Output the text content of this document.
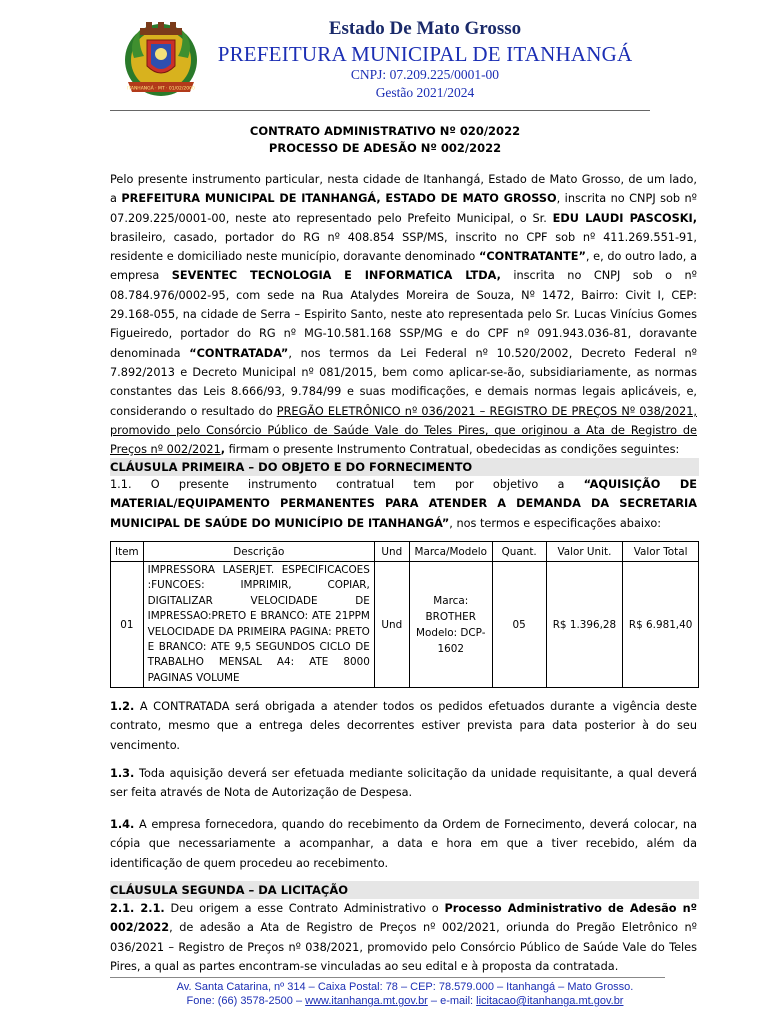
ITANHANGÁ · MT · 01/02/2000
Estado De Mato Grosso
PREFEITURA MUNICIPAL DE ITANHANGÁ
CNPJ: 07.209.225/0001-00
Gestão 2021/2024
CONTRATO ADMINISTRATIVO Nº 020/2022
PROCESSO DE ADESÃO Nº 002/2022
Pelo presente instrumento particular, nesta cidade de Itanhangá, Estado de Mato Grosso, de um lado, a PREFEITURA MUNICIPAL DE ITANHANGÁ, ESTADO DE MATO GROSSO, inscrita no CNPJ sob nº 07.209.225/0001-00, neste ato representado pelo Prefeito Municipal, o Sr. EDU LAUDI PASCOSKI, brasileiro, casado, portador do RG nº 408.854 SSP/MS, inscrito no CPF sob nº 411.269.551-91, residente e domiciliado neste município, doravante denominado “CONTRATANTE”, e, do outro lado, a empresa SEVENTEC TECNOLOGIA E INFORMATICA LTDA, inscrita no CNPJ sob o nº 08.784.976/0002-95, com sede na Rua Atalydes Moreira de Souza, Nº 1472, Bairro: Civit I, CEP: 29.168-055, na cidade de Serra – Espirito Santo, neste ato representada pelo Sr. Lucas Vinícius Gomes Figueiredo, portador do RG nº MG-10.581.168 SSP/MG e do CPF nº 091.943.036-81, doravante denominada “CONTRATADA”, nos termos da Lei Federal nº 10.520/2002, Decreto Federal nº 7.892/2013 e Decreto Municipal nº 081/2015, bem como aplicar-se-ão, subsidiariamente, as normas constantes das Leis 8.666/93, 9.784/99 e suas modificações, e demais normas legais aplicáveis, e, considerando o resultado do PREGÃO ELETRÔNICO nº 036/2021 – REGISTRO DE PREÇOS Nº 038/2021, promovido pelo Consórcio Público de Saúde Vale do Teles Pires, que originou a Ata de Registro de Preços nº 002/2021, firmam o presente Instrumento Contratual, obedecidas as condições seguintes:
CLÁUSULA PRIMEIRA – DO OBJETO E DO FORNECIMENTO
1.1. O presente instrumento contratual tem por objetivo a “AQUISIÇÃO DE MATERIAL/EQUIPAMENTO PERMANENTES PARA ATENDER A DEMANDA DA SECRETARIA MUNICIPAL DE SAÚDE DO MUNICÍPIO DE ITANHANGÁ”, nos termos e especificações abaixo:
Item	Descrição	Und	Marca/Modelo	Quant.	Valor Unit.	Valor Total
01	IMPRESSORA LASERJET. ESPECIFICACOES :FUNCOES: IMPRIMIR, COPIAR, DIGITALIZAR VELOCIDADE DE IMPRESSAO:PRETO E BRANCO: ATE 21PPM VELOCIDADE DA PRIMEIRA PAGINA: PRETO E BRANCO: ATE 9,5 SEGUNDOS CICLO DE TRABALHO MENSAL A4: ATE 8000 PAGINAS VOLUME	Und	Marca: BROTHER Modelo: DCP-1602	05	R$ 1.396,28	R$ 6.981,40
1.2. A CONTRATADA será obrigada a atender todos os pedidos efetuados durante a vigência deste contrato, mesmo que a entrega deles decorrentes estiver prevista para data posterior à do seu vencimento.
1.3. Toda aquisição deverá ser efetuada mediante solicitação da unidade requisitante, a qual deverá ser feita através de Nota de Autorização de Despesa.
1.4. A empresa fornecedora, quando do recebimento da Ordem de Fornecimento, deverá colocar, na cópia que necessariamente a acompanhar, a data e hora em que a tiver recebido, além da identificação de quem procedeu ao recebimento.
CLÁUSULA SEGUNDA – DA LICITAÇÃO
2.1. 2.1. Deu origem a esse Contrato Administrativo o Processo Administrativo de Adesão nº 002/2022, de adesão a Ata de Registro de Preços nº 002/2021, oriunda do Pregão Eletrônico nº 036/2021 – Registro de Preços nº 038/2021, promovido pelo Consórcio Público de Saúde Vale do Teles Pires, a qual as partes encontram-se vinculadas ao seu edital e à proposta da contratada.
Av. Santa Catarina, nº 314 – Caixa Postal: 78 – CEP: 78.579.000 – Itanhangá – Mato Grosso.
Fone: (66) 3578-2500 – www.itanhanga.mt.gov.br – e-mail: licitacao@itanhanga.mt.gov.br
